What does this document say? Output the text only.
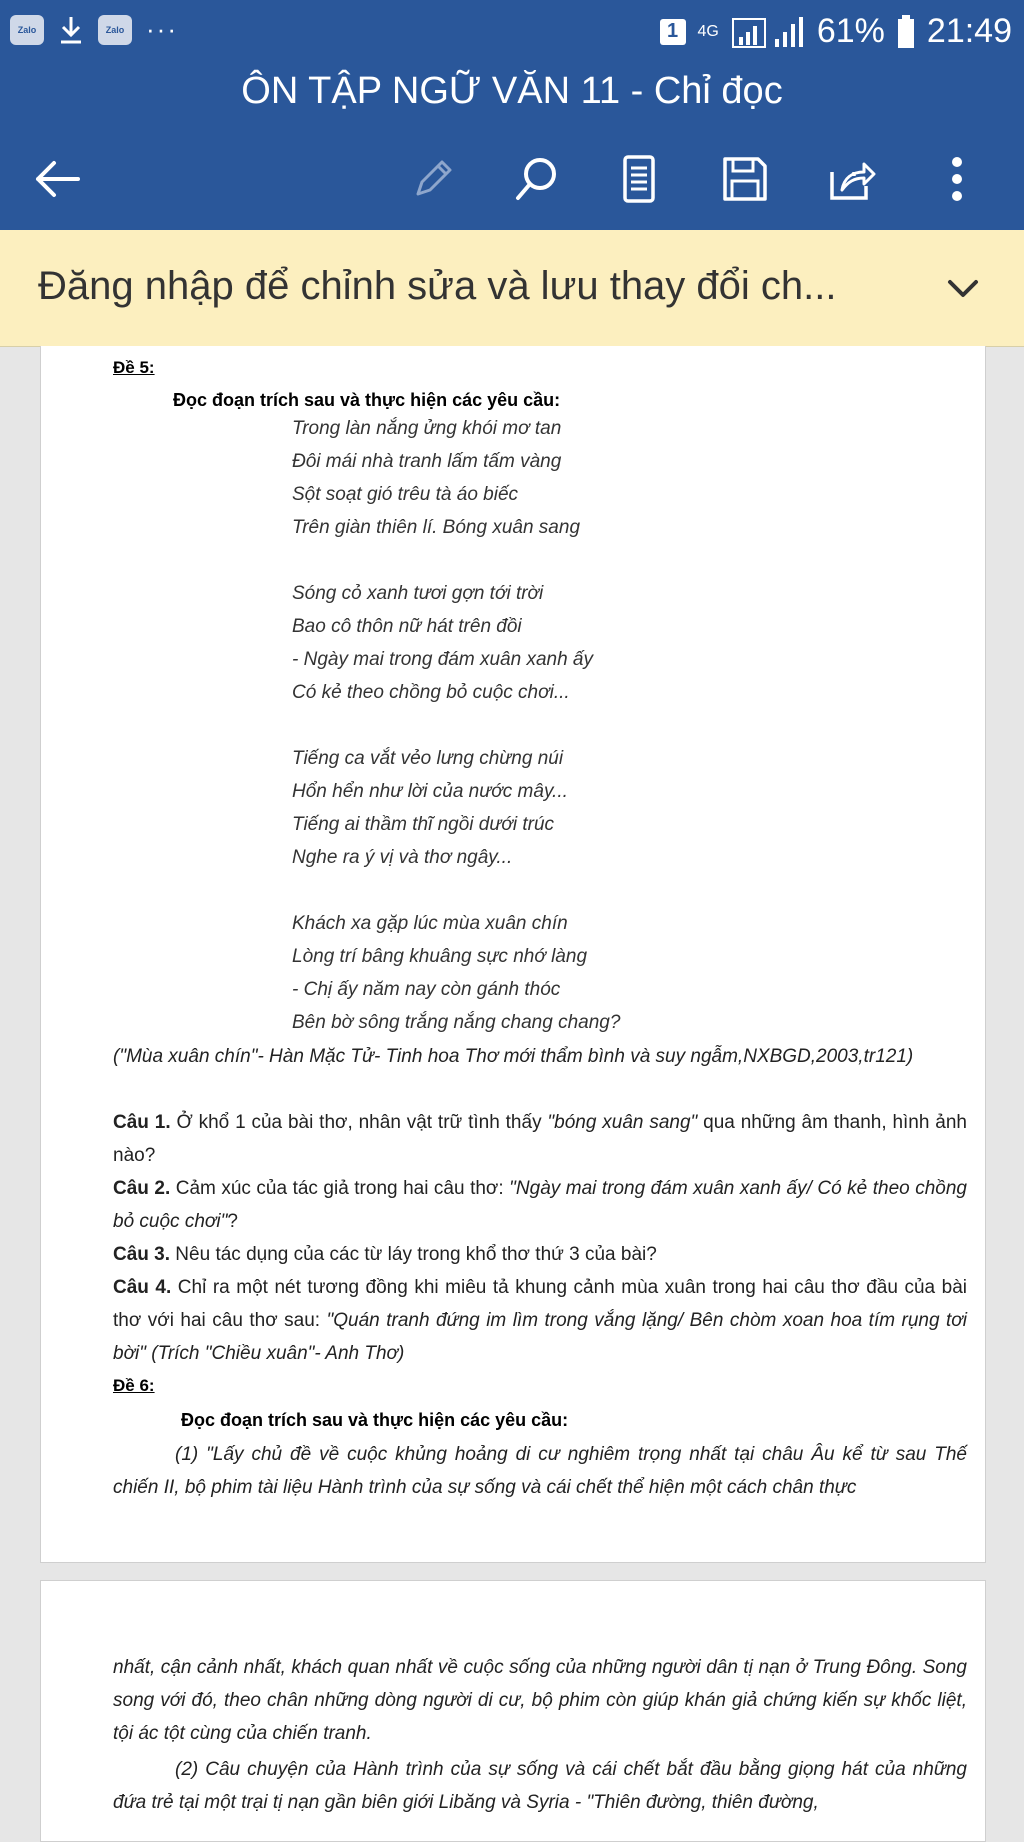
Zalo	Zalo ···	1	4G	61% 21:49
ÔN TẬP NGỮ VĂN 11 - Chỉ đọc
Đăng nhập để chỉnh sửa và lưu thay đổi ch...
Đề 5:
Đọc đoạn trích sau và thực hiện các yêu cầu:
Trong làn nắng ửng khói mơ tan
Đôi mái nhà tranh lấm tấm vàng
Sột soạt gió trêu tà áo biếc
Trên giàn thiên lí. Bóng xuân sang
Sóng cỏ xanh tươi gợn tới trời
Bao cô thôn nữ hát trên đồi
- Ngày mai trong đám xuân xanh ấy
Có kẻ theo chồng bỏ cuộc chơi...
Tiếng ca vắt vẻo lưng chừng núi
Hổn hển như lời của nước mây...
Tiếng ai thầm thĩ ngồi dưới trúc
Nghe ra ý vị và thơ ngây...
Khách xa gặp lúc mùa xuân chín
Lòng trí bâng khuâng sực nhớ làng
- Chị ấy năm nay còn gánh thóc
Bên bờ sông trắng nắng chang chang?
("Mùa xuân chín"- Hàn Mặc Tử- Tinh hoa Thơ mới thẩm bình và suy ngẫm,NXBGD,2003,tr121)
Câu 1. Ở khổ 1 của bài thơ, nhân vật trữ tình thấy "bóng xuân sang" qua những âm thanh, hình ảnh nào?
Câu 2. Cảm xúc của tác giả trong hai câu thơ: "Ngày mai trong đám xuân xanh ấy/ Có kẻ theo chồng bỏ cuộc chơi"?
Câu 3. Nêu tác dụng của các từ láy trong khổ thơ thứ 3 của bài?
Câu 4. Chỉ ra một nét tương đồng khi miêu tả khung cảnh mùa xuân trong hai câu thơ đầu của bài thơ với hai câu thơ sau: "Quán tranh đứng im lìm trong vắng lặng/ Bên chòm xoan hoa tím rụng tơi bời" (Trích "Chiều xuân"- Anh Thơ)
Đề 6:
Đọc đoạn trích sau và thực hiện các yêu cầu:
(1) "Lấy chủ đề về cuộc khủng hoảng di cư nghiêm trọng nhất tại châu Âu kể từ sau Thế chiến II, bộ phim tài liệu Hành trình của sự sống và cái chết thể hiện một cách chân thực
nhất, cận cảnh nhất, khách quan nhất về cuộc sống của những người dân tị nạn ở Trung Đông. Song song với đó, theo chân những dòng người di cư, bộ phim còn giúp khán giả chứng kiến sự khốc liệt, tội ác tột cùng của chiến tranh.
(2) Câu chuyện của Hành trình của sự sống và cái chết bắt đầu bằng giọng hát của những đứa trẻ tại một trại tị nạn gần biên giới Libăng và Syria - "Thiên đường, thiên đường,
